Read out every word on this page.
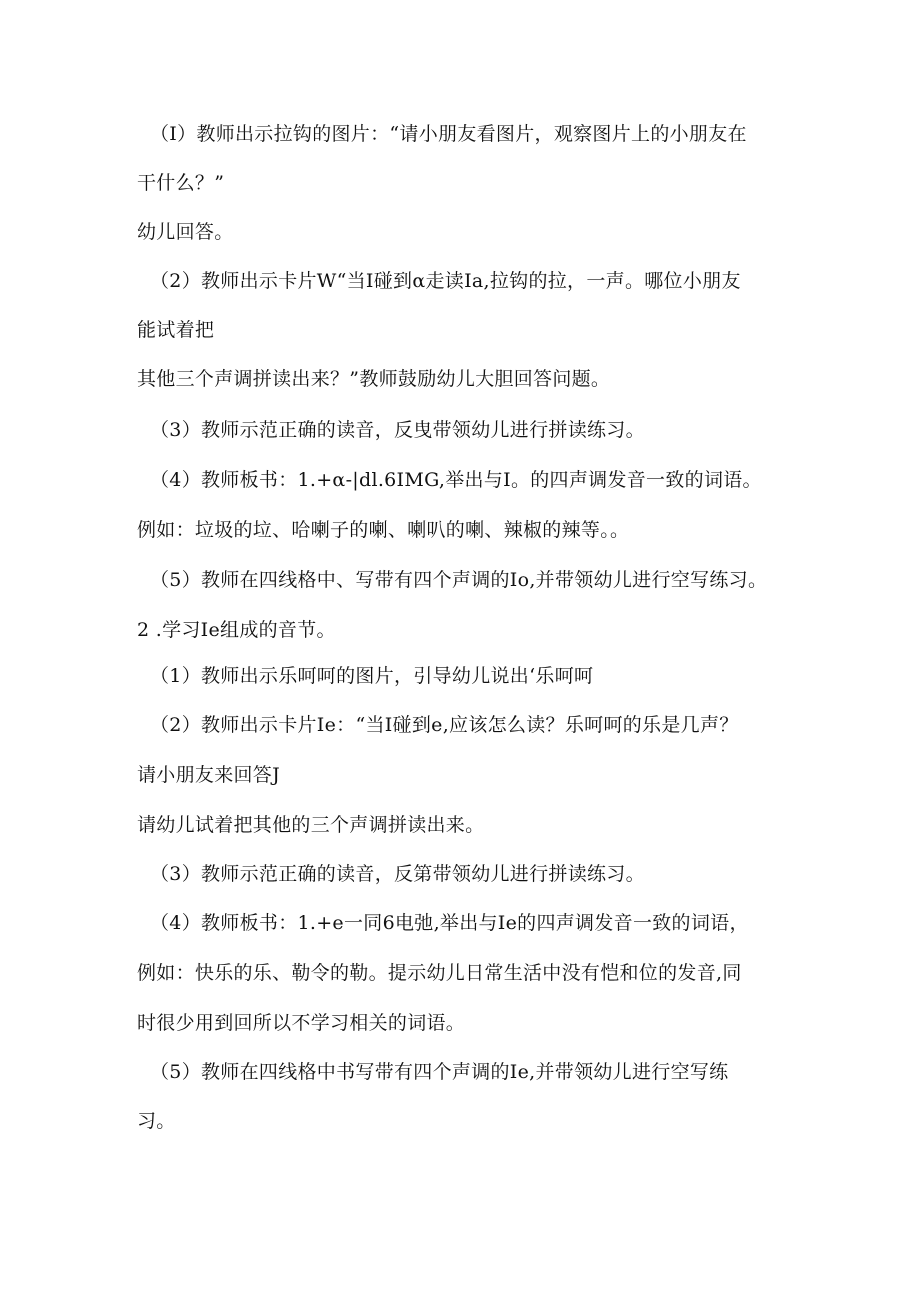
（I）教师出示拉钩的图片：“请小朋友看图片，观察图片上的小朋友在
干什么？”
幼儿回答。
（2）教师出示卡片W“当I碰到α走读Ia,拉钩的拉，一声。哪位小朋友
能试着把
其他三个声调拼读出来？”教师鼓励幼儿大胆回答问题。
（3）教师示范正确的读音，反曳带领幼儿进行拼读练习。
（4）教师板书：1.+α-|dl.6IMG,举出与I。的四声调发音一致的词语。
例如：垃圾的垃、哈喇子的喇、喇叭的喇、辣椒的辣等。。
（5）教师在四线格中、写带有四个声调的Io,并带领幼儿进行空写练习。
2 .学习Ie组成的音节。
（1）教师出示乐呵呵的图片，引导幼儿说出‘乐呵呵
（2）教师出示卡片Ie：“当I碰到e,应该怎么读？乐呵呵的乐是几声？
请小朋友来回答J
请幼儿试着把其他的三个声调拼读出来。
（3）教师示范正确的读音，反第带领幼儿进行拼读练习。
（4）教师板书：1.+e一同6电弛,举出与Ie的四声调发音一致的词语，
例如：快乐的乐、勒令的勒。提示幼儿日常生活中没有恺和位的发音,同
时很少用到回所以不学习相关的词语。
（5）教师在四线格中书写带有四个声调的Ie,并带领幼儿进行空写练
习。
